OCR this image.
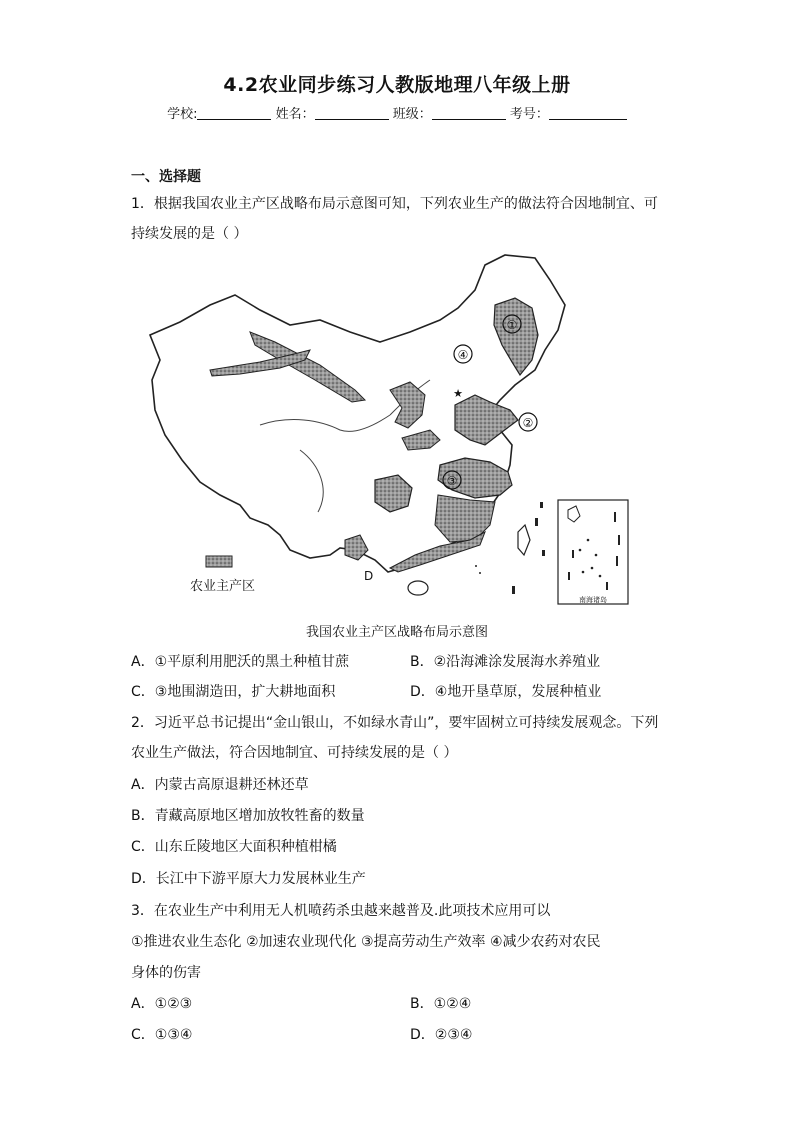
4.2农业同步练习人教版地理八年级上册
学校:	姓名：	班级：	考号：
一、选择题
1．根据我国农业主产区战略布局示意图可知，下列农业生产的做法符合因地制宜、可
持续发展的是（ ）
★
①
②
③
④
D
农业主产区
南海诸岛
我国农业主产区战略布局示意图
A．①平原利用肥沃的黑土种植甘蔗	B．②沿海滩涂发展海水养殖业
C．③地围湖造田，扩大耕地面积	D．④地开垦草原，发展种植业
2．习近平总书记提出“金山银山，不如绿水青山”，要牢固树立可持续发展观念。下列
农业生产做法，符合因地制宜、可持续发展的是（ ）
A．内蒙古高原退耕还林还草
B．青藏高原地区增加放牧牲畜的数量
C．山东丘陵地区大面积种植柑橘
D．长江中下游平原大力发展林业生产
3．在农业生产中利用无人机喷药杀虫越来越普及.此项技术应用可以
①推进农业生态化 ②加速农业现代化 ③提高劳动生产效率 ④减少农药对农民
身体的伤害
A．①②③	B．①②④
C．①③④	D．②③④
